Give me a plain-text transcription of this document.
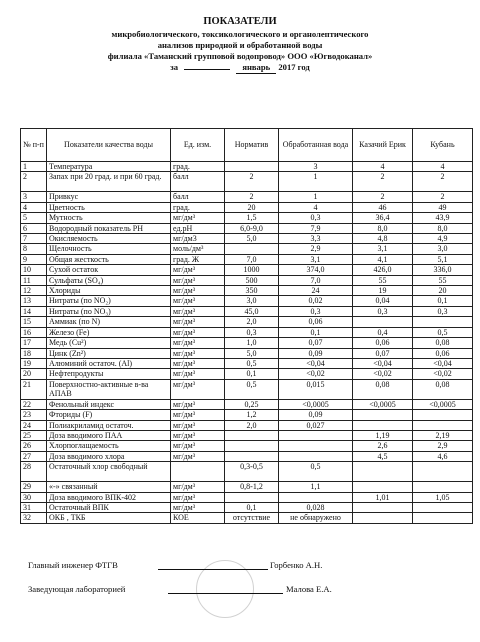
ПОКАЗАТЕЛИ
микробиологического, токсикологического и органолептического
анализов природной и обработанной воды
филиала «Таманский групповой водопровод» ООО «Югводоканал»
за	январь 2017 год
№ п-п	Показатели качества воды	Ед. изм.	Норматив	Обработанная вода	Казачий Ерик	Кубань
1	Температура	град.		3	4	4
2	Запах при 20 град. и при 60 град.	балл	2	1	2	2
3	Привкус	балл	2	1	2	2
4	Цветность	град.	20	4	46	49
5	Мутность	мг/дм³	1,5	0,3	36,4	43,9
6	Водородный показатель PH	ед.pH	6,0-9,0	7,9	8,0	8,0
7	Окисляемость	мг/дм3	5,0	3,3	4,8	4,9
8	Щелочность	моль/дм³		2,9	3,1	3,0
9	Общая жесткость	град. Ж	7,0	3,1	4,1	5,1
10	Сухой остаток	мг/дм³	1000	374,0	426,0	336,0
11	Сульфаты (SO₄)	мг/дм³	500	7,0	55	55
12	Хлориды	мг/дм³	350	24	19	20
13	Нитраты (по NO₂)	мг/дм³	3,0	0,02	0,04	0,1
14	Нитраты (по NO₃)	мг/дм³	45,0	0,3	0,3	0,3
15	Аммиак (по N)	мг/дм³	2,0	0,06		
16	Железо (Fe)	мг/дм³	0,3	0,1	0,4	0,5
17	Медь (Cu²)	мг/дм³	1,0	0,07	0,06	0,08
18	Цинк (Zn²)	мг/дм³	5,0	0,09	0,07	0,06
19	Алюминий остаточ. (Al)	мг/дм³	0,5	<0,04	<0,04	<0,04
20	Нефтепродукты	мг/дм³	0,1	<0,02	<0,02	<0,02
21	Поверхностно-активные в-ва АПАВ	мг/дм³	0,5	0,015	0,08	0,08
22	Фенольный индекс	мг/дм³	0,25	<0,0005	<0,0005	<0,0005
23	Фториды (F)	мг/дм³	1,2	0,09		
24	Полиакриламид остаточ.	мг/дм³	2,0	0,027		
25	Доза вводимого ПАА	мг/дм³			1,19	2,19
26	Хлорпоглащаемость	мг/дм³			2,6	2,9
27	Доза вводимого хлора	мг/дм³			4,5	4,6
28	Остаточный хлор свободный		0,3-0,5	0,5		
29	«-» связанный	мг/дм³	0,8-1,2	1,1		
30	Доза вводимого ВПК-402	мг/дм³			1,01	1,05
31	Остаточный ВПК	мг/дм³	0,1	0,028		
32	ОКБ , ТКБ	КОЕ	отсутствие	не обнаружено		
Главный инженер ФТГВ	Горбенко А.Н.
Заведующая лабораторией	Малова Е.А.
